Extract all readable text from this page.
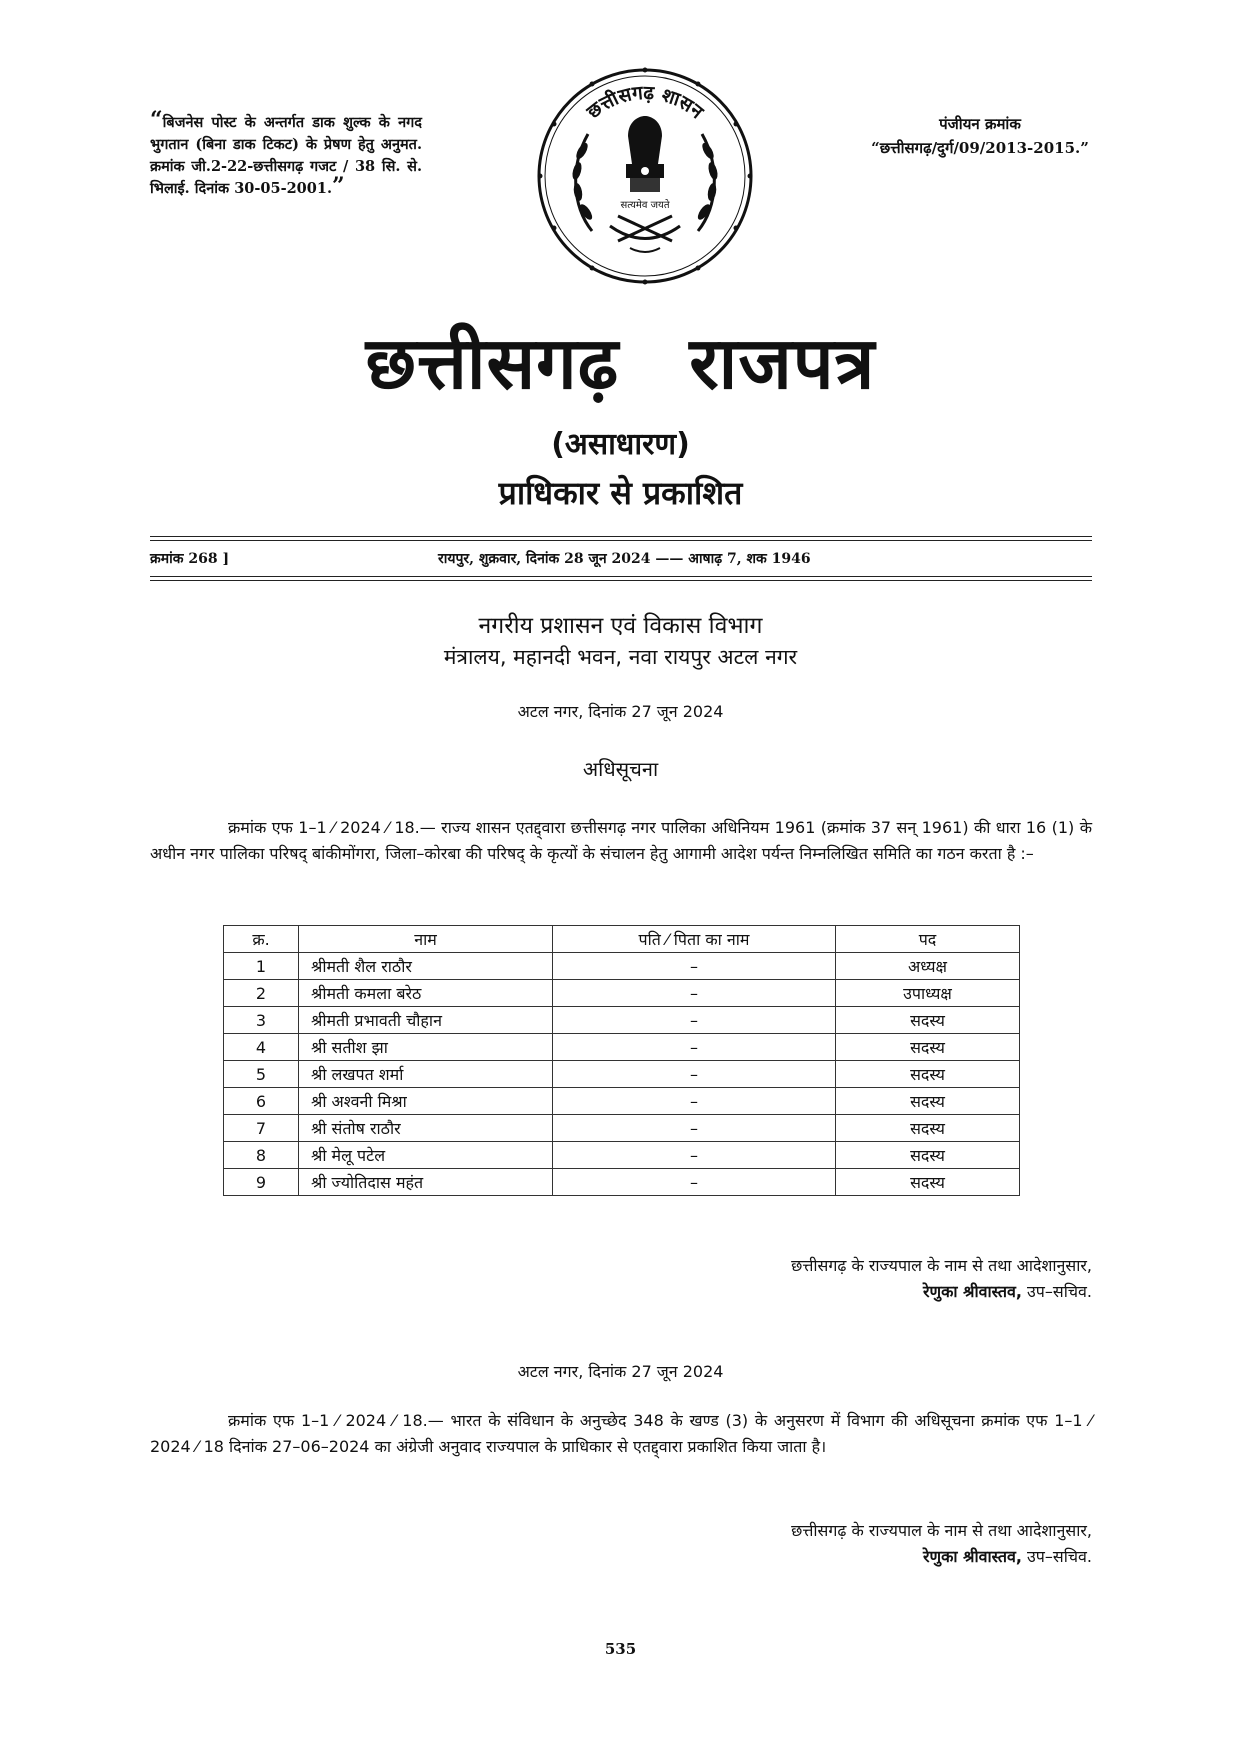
“बिजनेस पोस्ट के अन्तर्गत डाक शुल्क के नगद भुगतान (बिना डाक टिकट) के प्रेषण हेतु अनुमत. क्रमांक जी.2-22-छत्तीसगढ़ गजट / 38 सि. से. भिलाई. दिनांक 30-05-2001.”
पंजीयन क्रमांक
“छत्तीसगढ़/दुर्ग/09/2013-2015.”
छत्तीसगढ़ शासन
सत्यमेव जयते
छत्तीसगढ़ राजपत्र
(असाधारण)
प्राधिकार से प्रकाशित
क्रमांक 268 ]	रायपुर, शुक्रवार, दिनांक 28 जून 2024 —— आषाढ़ 7, शक 1946
नगरीय प्रशासन एवं विकास विभाग
मंत्रालय, महानदी भवन, नवा रायपुर अटल नगर
अटल नगर, दिनांक 27 जून 2024
अधिसूचना
क्रमांक एफ 1–1 ⁄ 2024 ⁄ 18.— राज्य शासन एतद्द्वारा छत्तीसगढ़ नगर पालिका अधिनियम 1961 (क्रमांक 37 सन् 1961) की धारा 16 (1) के अधीन नगर पालिका परिषद् बांकीमोंगरा, जिला–कोरबा की परिषद् के कृत्यों के संचालन हेतु आगामी आदेश पर्यन्त निम्नलिखित समिति का गठन करता है :–
क्र.	नाम	पति ⁄ पिता का नाम	पद
1	श्रीमती शैल राठौर	–	अध्यक्ष
2	श्रीमती कमला बरेठ	–	उपाध्यक्ष
3	श्रीमती प्रभावती चौहान	–	सदस्य
4	श्री सतीश झा	–	सदस्य
5	श्री लखपत शर्मा	–	सदस्य
6	श्री अश्वनी मिश्रा	–	सदस्य
7	श्री संतोष राठौर	–	सदस्य
8	श्री मेलू पटेल	–	सदस्य
9	श्री ज्योतिदास महंत	–	सदस्य
छत्तीसगढ़ के राज्यपाल के नाम से तथा आदेशानुसार,
रेणुका श्रीवास्तव, उप–सचिव.
अटल नगर, दिनांक 27 जून 2024
क्रमांक एफ 1–1 ⁄ 2024 ⁄ 18.— भारत के संविधान के अनुच्छेद 348 के खण्ड (3) के अनुसरण में विभाग की अधिसूचना क्रमांक एफ 1–1 ⁄ 2024 ⁄ 18 दिनांक 27–06–2024 का अंग्रेजी अनुवाद राज्यपाल के प्राधिकार से एतद्द्वारा प्रकाशित किया जाता है।
छत्तीसगढ़ के राज्यपाल के नाम से तथा आदेशानुसार,
रेणुका श्रीवास्तव, उप–सचिव.
535
